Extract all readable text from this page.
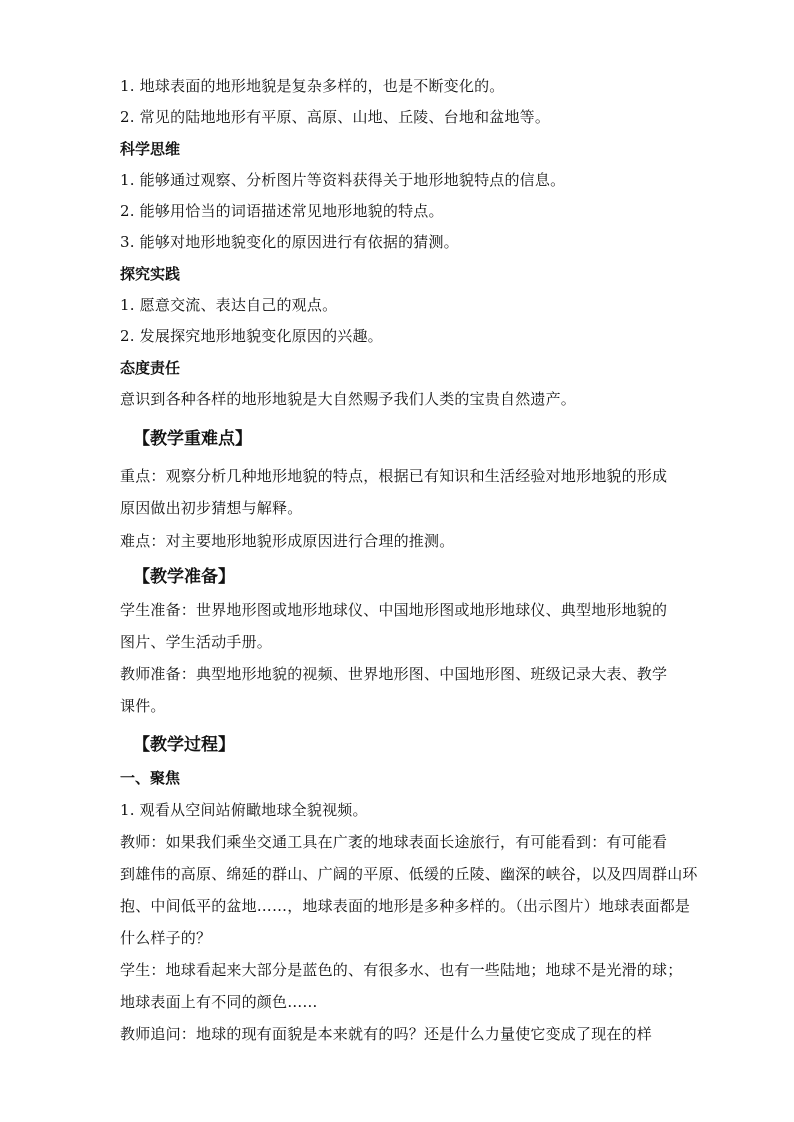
1. 地球表面的地形地貌是复杂多样的，也是不断变化的。
2. 常见的陆地地形有平原、高原、山地、丘陵、台地和盆地等。
科学思维
1. 能够通过观察、分析图片等资料获得关于地形地貌特点的信息。
2. 能够用恰当的词语描述常见地形地貌的特点。
3. 能够对地形地貌变化的原因进行有依据的猜测。
探究实践
1. 愿意交流、表达自己的观点。
2. 发展探究地形地貌变化原因的兴趣。
态度责任
意识到各种各样的地形地貌是大自然赐予我们人类的宝贵自然遗产。
【教学重难点】
重点：观察分析几种地形地貌的特点，根据已有知识和生活经验对地形地貌的形成
原因做出初步猜想与解释。
难点：对主要地形地貌形成原因进行合理的推测。
【教学准备】
学生准备：世界地形图或地形地球仪、中国地形图或地形地球仪、典型地形地貌的
图片、学生活动手册。
教师准备：典型地形地貌的视频、世界地形图、中国地形图、班级记录大表、教学
课件。
【教学过程】
一、聚焦
1. 观看从空间站俯瞰地球全貌视频。
教师：如果我们乘坐交通工具在广袤的地球表面长途旅行，有可能看到：有可能看
到雄伟的高原、绵延的群山、广阔的平原、低缓的丘陵、幽深的峡谷，以及四周群山环
抱、中间低平的盆地……，地球表面的地形是多种多样的。（出示图片）地球表面都是
什么样子的？
学生：地球看起来大部分是蓝色的、有很多水、也有一些陆地；地球不是光滑的球；
地球表面上有不同的颜色……
教师追问：地球的现有面貌是本来就有的吗？还是什么力量使它变成了现在的样
